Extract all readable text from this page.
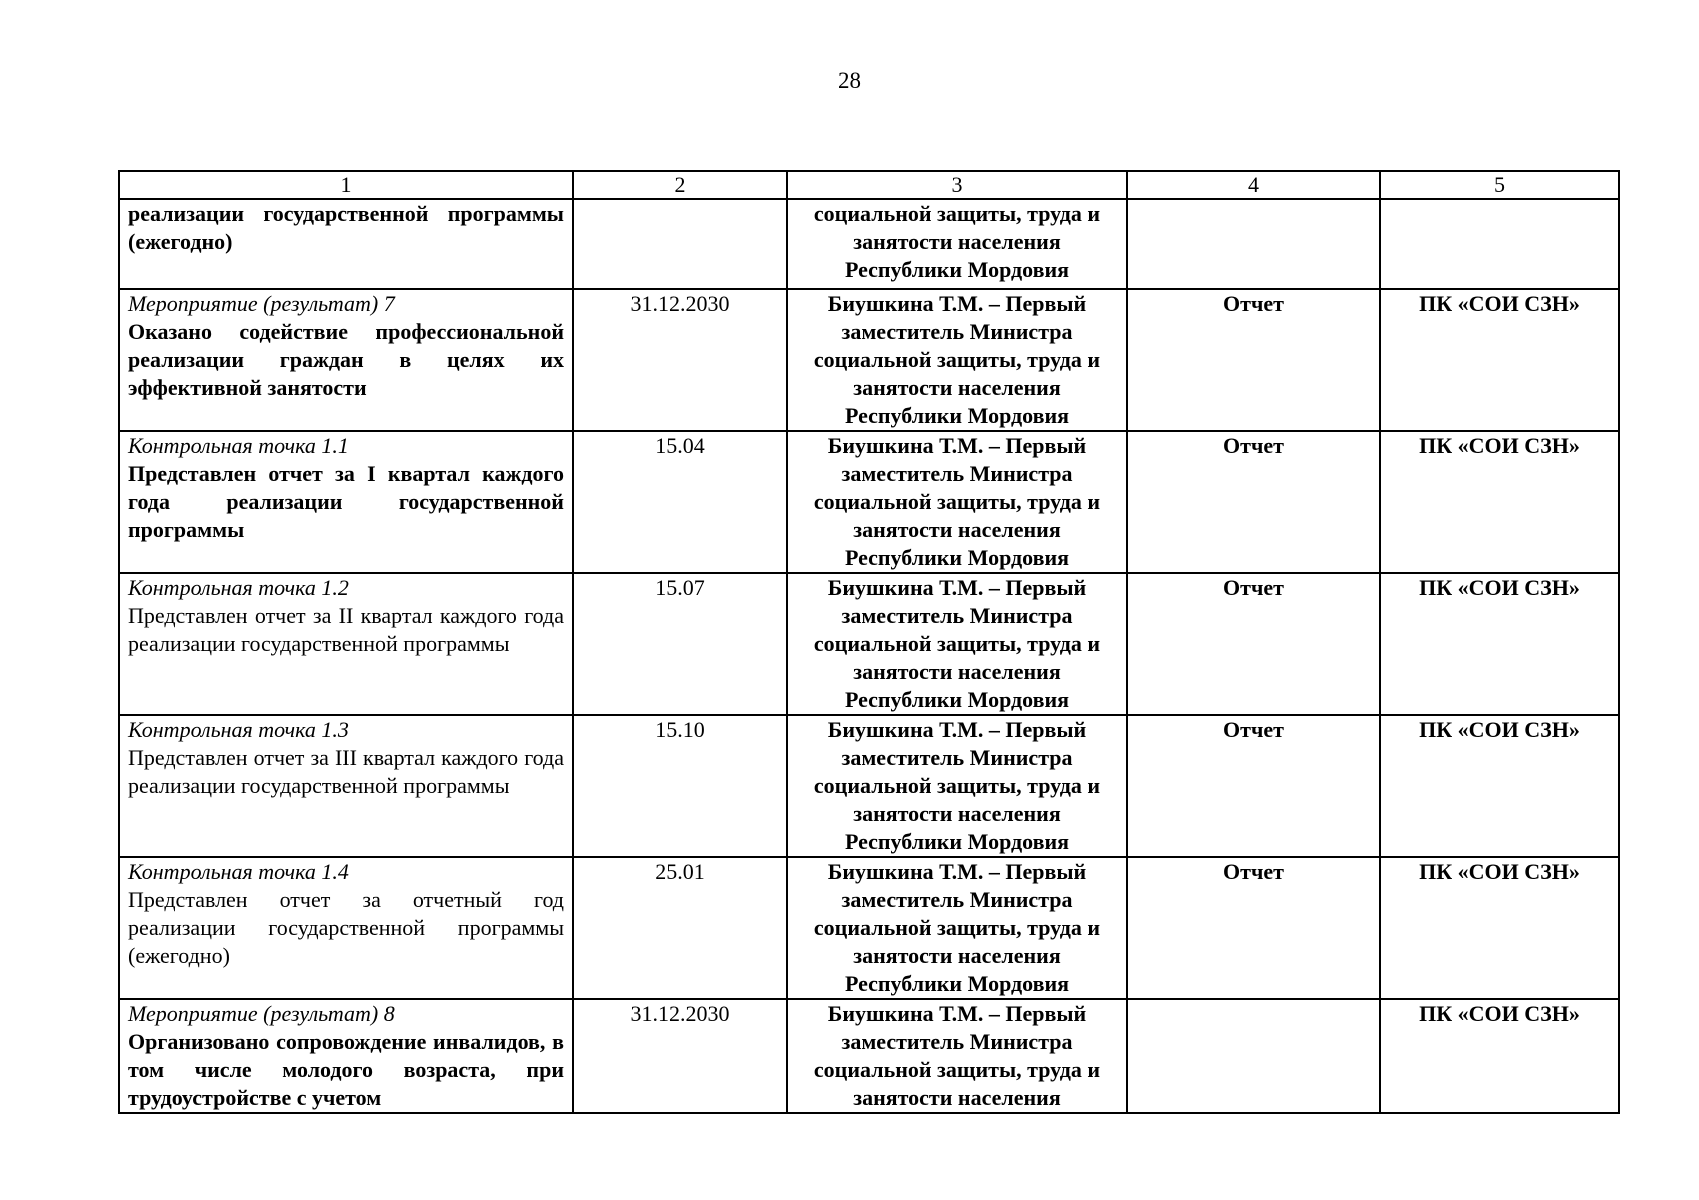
28
1	2	3	4	5

реализации государственной программы (ежегодно)		социальной защиты, труда и занятости населения Республики Мордовия		

Мероприятие (результат) 7
Оказано содействие профессиональной реализации граждан в целях их эффективной занятости	31.12.2030	Биушкина Т.М. – Первый заместитель Министра социальной защиты, труда и занятости населения Республики Мордовия	Отчет	ПК «СОИ СЗН»

Контрольная точка 1.1
Представлен отчет за I квартал каждого года реализации государственной программы	15.04	Биушкина Т.М. – Первый заместитель Министра социальной защиты, труда и занятости населения Республики Мордовия	Отчет	ПК «СОИ СЗН»

Контрольная точка 1.2
Представлен отчет за II квартал каждого года реализации государственной программы	15.07	Биушкина Т.М. – Первый заместитель Министра социальной защиты, труда и занятости населения Республики Мордовия	Отчет	ПК «СОИ СЗН»

Контрольная точка 1.3
Представлен отчет за III квартал каждого года реализации государственной программы	15.10	Биушкина Т.М. – Первый заместитель Министра социальной защиты, труда и занятости населения Республики Мордовия	Отчет	ПК «СОИ СЗН»

Контрольная точка 1.4
Представлен отчет за отчетный год реализации государственной программы (ежегодно)	25.01	Биушкина Т.М. – Первый заместитель Министра социальной защиты, труда и занятости населения Республики Мордовия	Отчет	ПК «СОИ СЗН»

Мероприятие (результат) 8
Организовано сопровождение инвалидов, в том числе молодого возраста, при трудоустройстве с учетом	31.12.2030	Биушкина Т.М. – Первый заместитель Министра социальной защиты, труда и занятости населения		ПК «СОИ СЗН»
